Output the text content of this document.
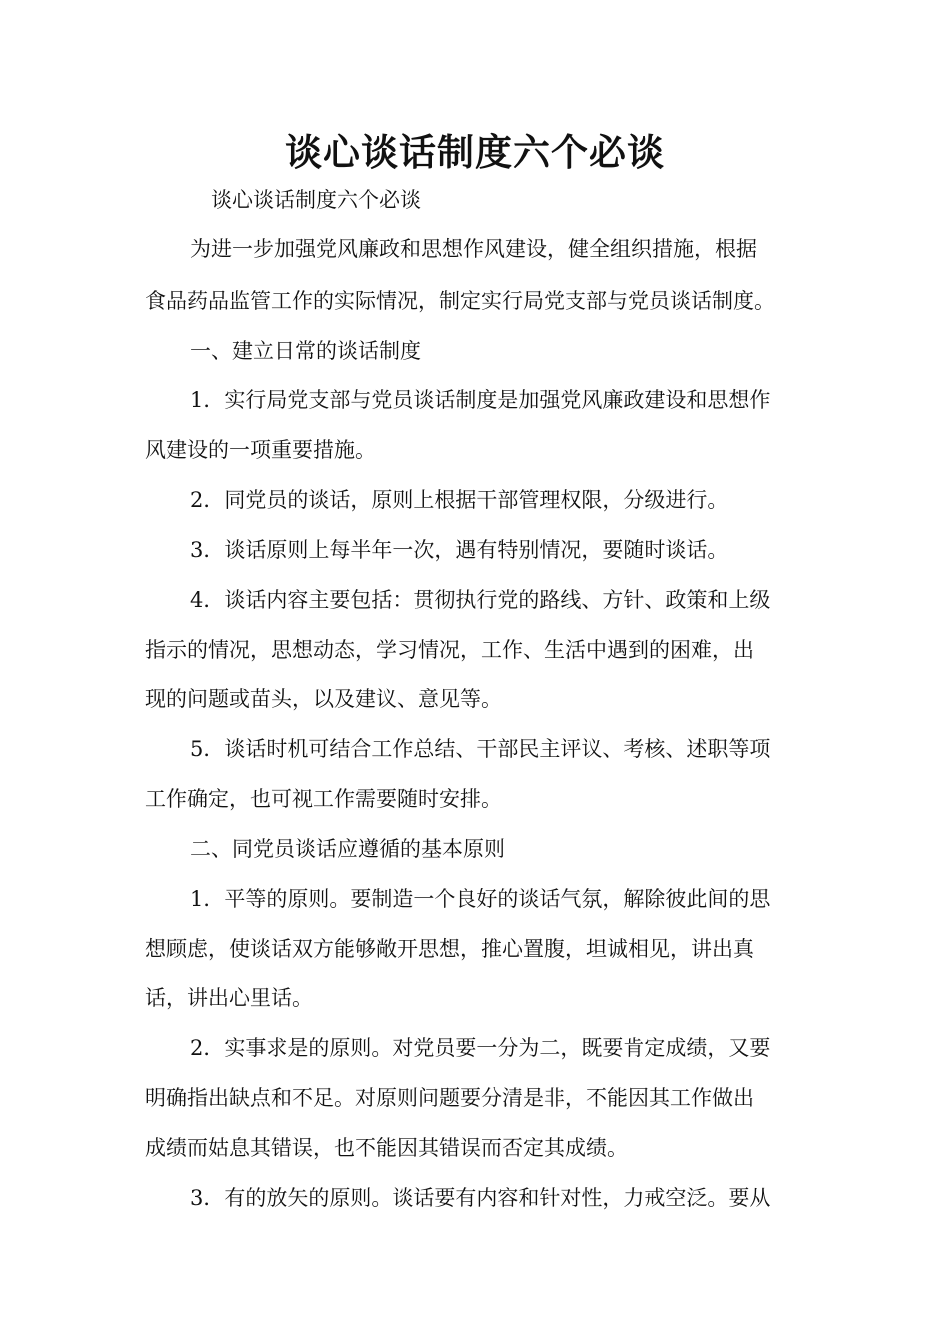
谈心谈话制度六个必谈

谈心谈话制度六个必谈

为进一步加强党风廉政和思想作风建设，健全组织措施，根据

食品药品监管工作的实际情况，制定实行局党支部与党员谈话制度。

一、建立日常的谈话制度

1．实行局党支部与党员谈话制度是加强党风廉政建设和思想作

风建设的一项重要措施。

2．同党员的谈话，原则上根据干部管理权限，分级进行。

3．谈话原则上每半年一次，遇有特别情况，要随时谈话。

4．谈话内容主要包括：贯彻执行党的路线、方针、政策和上级

指示的情况，思想动态，学习情况，工作、生活中遇到的困难，出

现的问题或苗头，以及建议、意见等。

5．谈话时机可结合工作总结、干部民主评议、考核、述职等项

工作确定，也可视工作需要随时安排。

二、同党员谈话应遵循的基本原则

1．平等的原则。要制造一个良好的谈话气氛，解除彼此间的思

想顾虑，使谈话双方能够敞开思想，推心置腹，坦诚相见，讲出真

话，讲出心里话。

2．实事求是的原则。对党员要一分为二，既要肯定成绩，又要

明确指出缺点和不足。对原则问题要分清是非，不能因其工作做出

成绩而姑息其错误，也不能因其错误而否定其成绩。

3．有的放矢的原则。谈话要有内容和针对性，力戒空泛。要从
